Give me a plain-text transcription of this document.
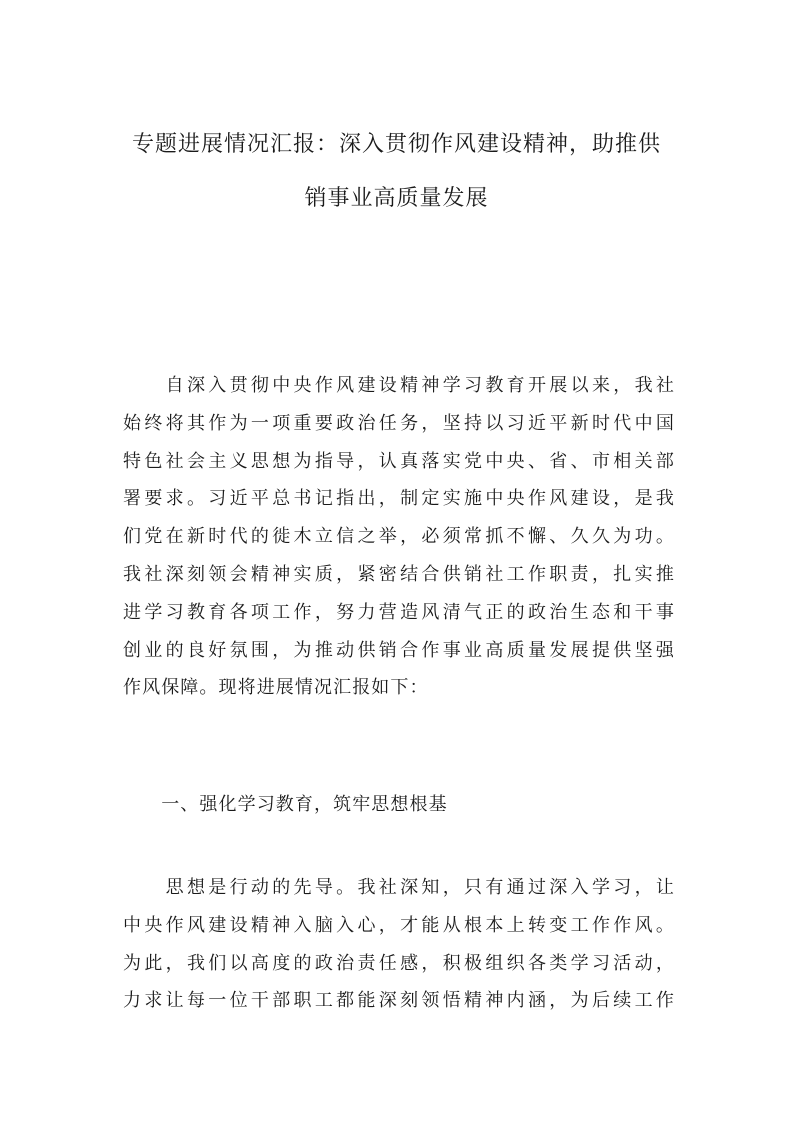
专题进展情况汇报：深入贯彻作风建设精神，助推供
销事业高质量发展
　　自深入贯彻中央作风建设精神学习教育开展以来，我社
始终将其作为一项重要政治任务，坚持以习近平新时代中国
特色社会主义思想为指导，认真落实党中央、省、市相关部
署要求。习近平总书记指出，制定实施中央作风建设，是我
们党在新时代的徙木立信之举，必须常抓不懈、久久为功。
我社深刻领会精神实质，紧密结合供销社工作职责，扎实推
进学习教育各项工作，努力营造风清气正的政治生态和干事
创业的良好氛围，为推动供销合作事业高质量发展提供坚强
作风保障。现将进展情况汇报如下：
　　一、强化学习教育，筑牢思想根基
　　思想是行动的先导。我社深知，只有通过深入学习，让
中央作风建设精神入脑入心，才能从根本上转变工作作风。
为此，我们以高度的政治责任感，积极组织各类学习活动，
力求让每一位干部职工都能深刻领悟精神内涵，为后续工作
